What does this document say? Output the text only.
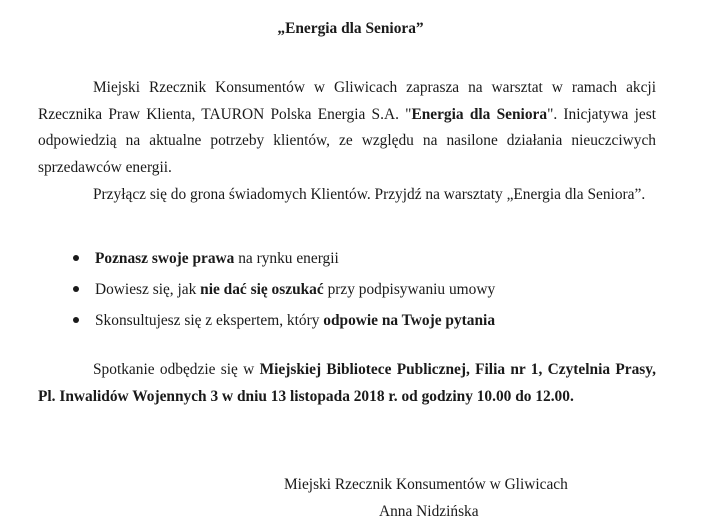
„Energia dla Seniora”
Miejski Rzecznik Konsumentów w Gliwicach zaprasza na warsztat w ramach akcji Rzecznika Praw Klienta, TAURON Polska Energia S.A. "Energia dla Seniora". Inicjatywa jest odpowiedzią na aktualne potrzeby klientów, ze względu na nasilone działania nieuczciwych sprzedawców energii.
Przyłącz się do grona świadomych Klientów. Przyjdź na warsztaty „Energia dla Seniora”.
Poznasz swoje prawa na rynku energii
Dowiesz się, jak nie dać się oszukać przy podpisywaniu umowy
Skonsultujesz się z ekspertem, który odpowie na Twoje pytania
Spotkanie odbędzie się w Miejskiej Bibliotece Publicznej, Filia nr 1, Czytelnia Prasy, Pl. Inwalidów Wojennych 3 w dniu 13 listopada 2018 r. od godziny 10.00 do 12.00.
Miejski Rzecznik Konsumentów w Gliwicach
Anna Nidzińska
